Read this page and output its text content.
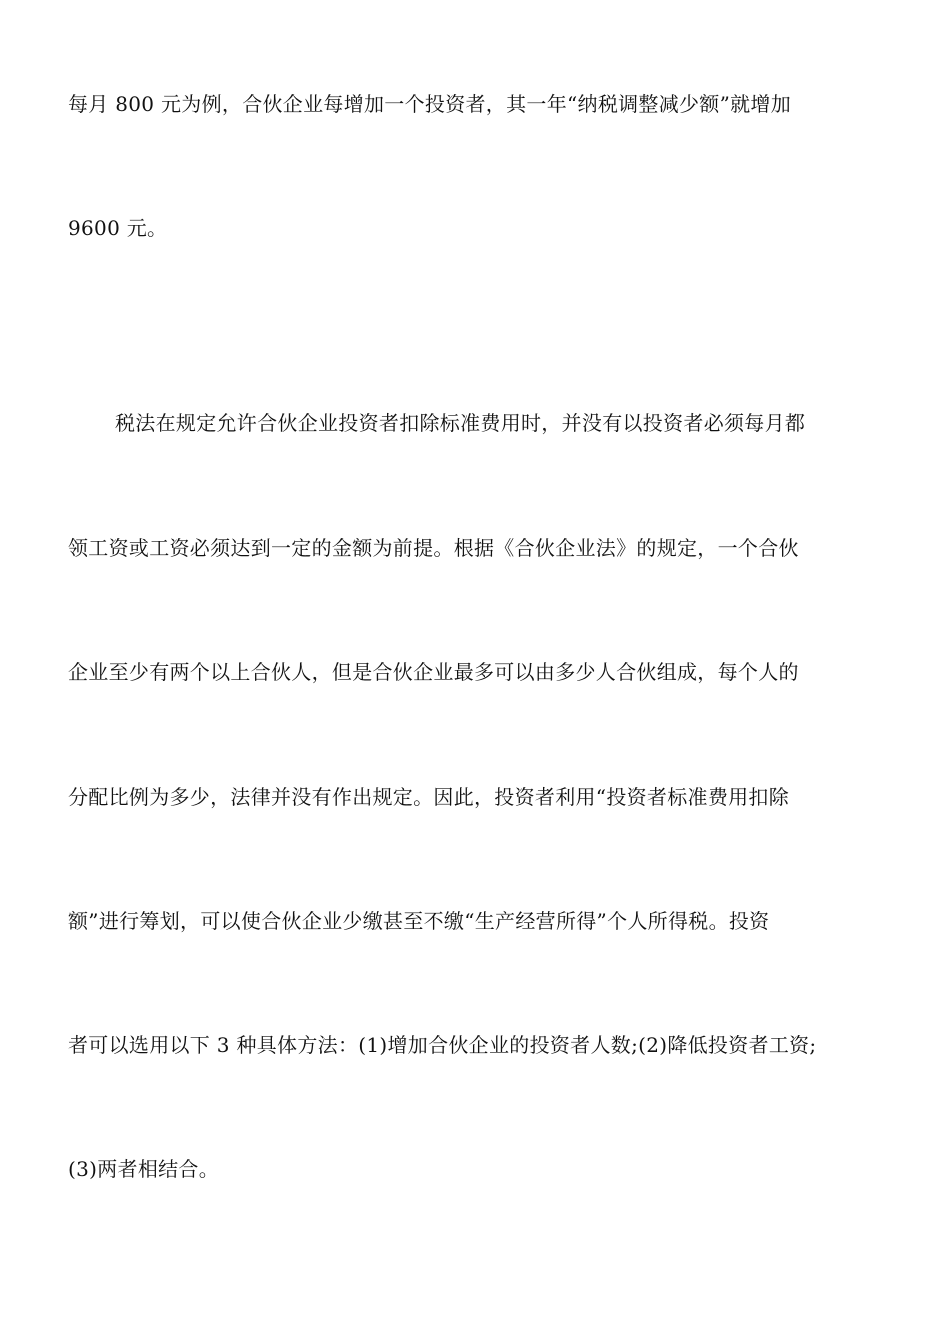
每月 800 元为例，合伙企业每增加一个投资者，其一年“纳税调整减少额”就增加
9600 元。
税法在规定允许合伙企业投资者扣除标准费用时，并没有以投资者必须每月都
领工资或工资必须达到一定的金额为前提。根据《合伙企业法》的规定，一个合伙
企业至少有两个以上合伙人，但是合伙企业最多可以由多少人合伙组成，每个人的
分配比例为多少，法律并没有作出规定。因此，投资者利用“投资者标准费用扣除
额”进行筹划，可以使合伙企业少缴甚至不缴“生产经营所得”个人所得税。投资
者可以选用以下 3 种具体方法：(1)增加合伙企业的投资者人数;(2)降低投资者工资;
(3)两者相结合。
